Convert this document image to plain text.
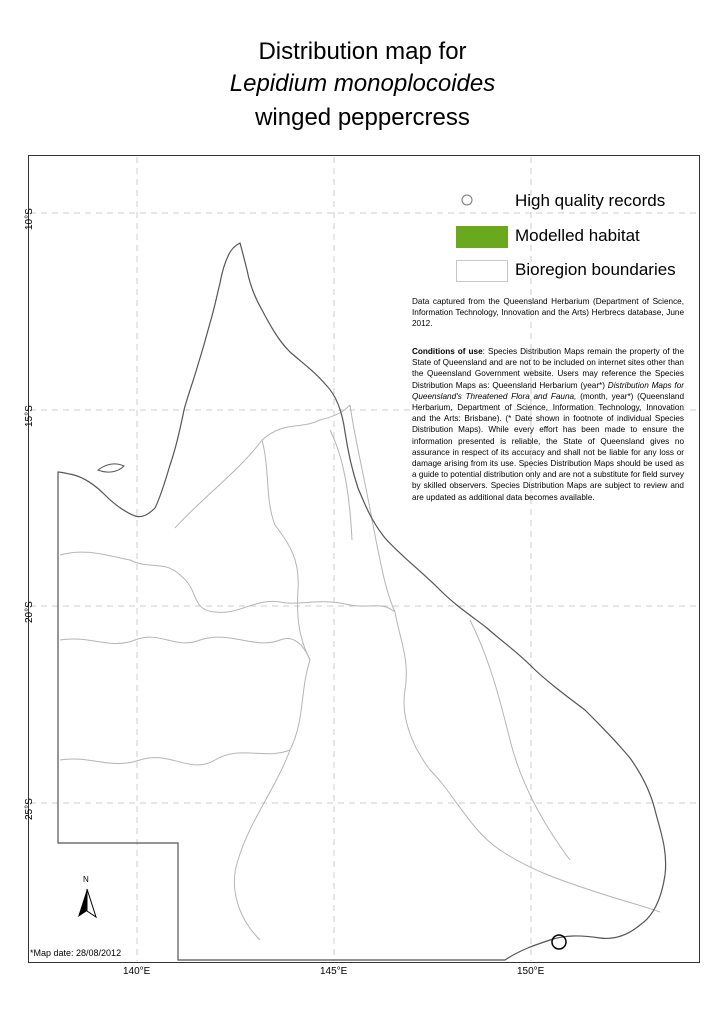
Distribution map for
Lepidium monoplocoides
winged peppercress
High quality records
Modelled habitat
Bioregion boundaries
Data captured from the Queensland Herbarium (Department of Science, Information Technology, Innovation and the Arts) Herbrecs database, June 2012.
Conditions of use: Species Distribution Maps remain the property of the State of Queensland and are not to be included on internet sites other than the Queensland Government website. Users may reference the Species Distribution Maps as: Queensland Herbarium (year*) Distribution Maps for Queensland's Threatened Flora and Fauna, (month, year*) (Queensland Herbarium, Department of Science, Information Technology, Innovation and the Arts: Brisbane). (* Date shown in footnote of individual Species Distribution Maps). While every effort has been made to ensure the information presented is reliable, the State of Queensland gives no assurance in respect of its accuracy and shall not be liable for any loss or damage arising from its use. Species Distribution Maps should be used as a guide to potential distribution only and are not a substitute for field survey by skilled observers. Species Distribution Maps are subject to review and are updated as additional data becomes available.
140°E	145°E	150°E
10°S
15°S
20°S
25°S
N
*Map date: 28/08/2012
